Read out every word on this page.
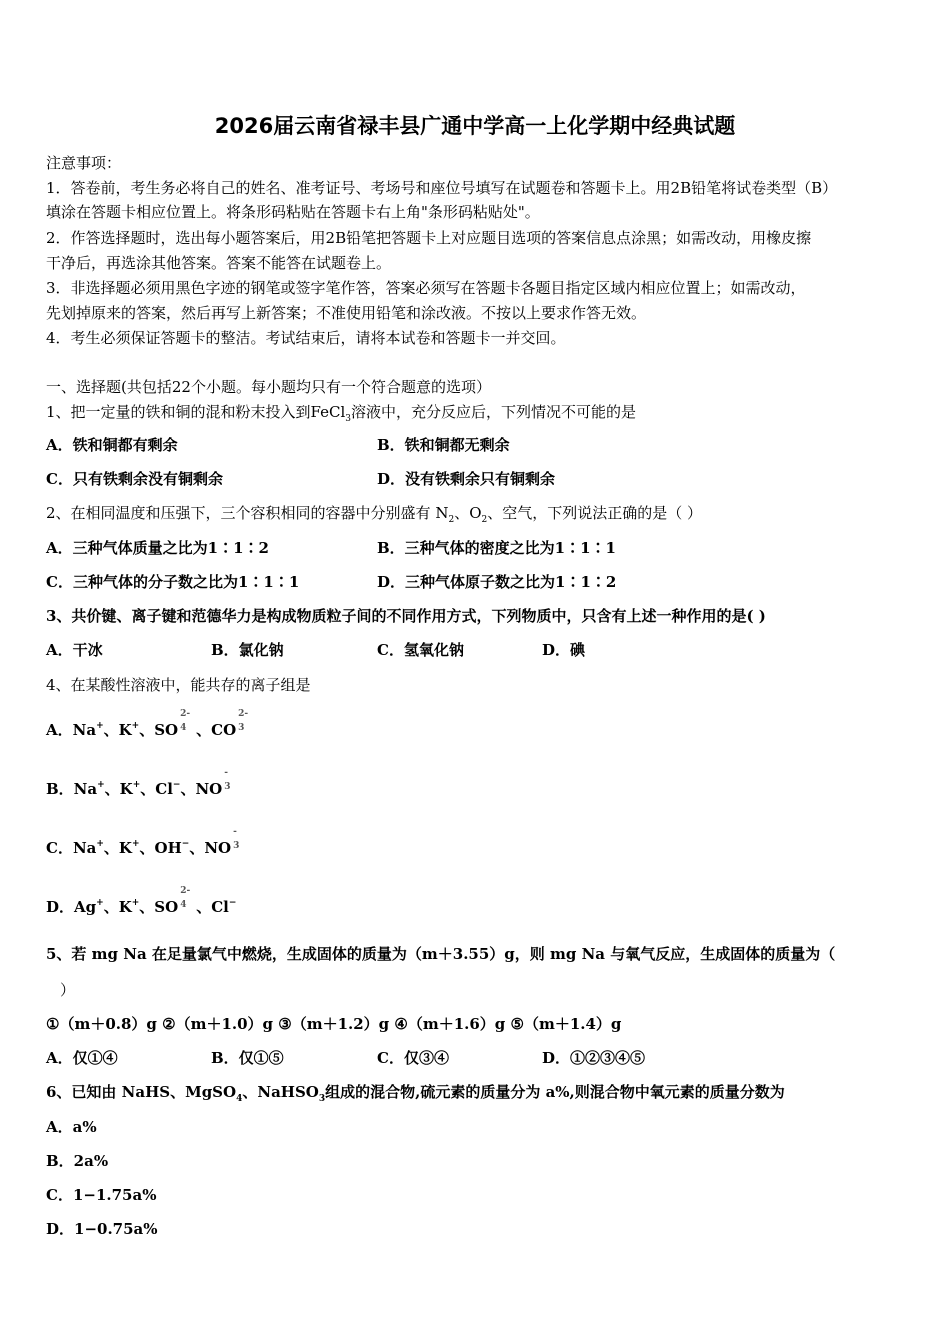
2026届云南省禄丰县广通中学高一上化学期中经典试题
注意事项：
1．答卷前，考生务必将自己的姓名、准考证号、考场号和座位号填写在试题卷和答题卡上。用2B铅笔将试卷类型（B）
填涂在答题卡相应位置上。将条形码粘贴在答题卡右上角"条形码粘贴处"。
2．作答选择题时，选出每小题答案后，用2B铅笔把答题卡上对应题目选项的答案信息点涂黑；如需改动，用橡皮擦
干净后，再选涂其他答案。答案不能答在试题卷上。
3．非选择题必须用黑色字迹的钢笔或签字笔作答，答案必须写在答题卡各题目指定区域内相应位置上；如需改动，
先划掉原来的答案，然后再写上新答案；不准使用铅笔和涂改液。不按以上要求作答无效。
4．考生必须保证答题卡的整洁。考试结束后，请将本试卷和答题卡一并交回。
一、选择题(共包括22个小题。每小题均只有一个符合题意的选项）
1、把一定量的铁和铜的混和粉末投入到FeCl$_3$溶液中，充分反应后，下列情况不可能的是
A．铁和铜都有剩余	B．铁和铜都无剩余
C．只有铁剩余没有铜剩余	D．没有铁剩余只有铜剩余
2、在相同温度和压强下，三个容积相同的容器中分别盛有 $N_2$、$O_2$、空气，下列说法正确的是（ ）
A．三种气体质量之比为1∶1∶2	B．三种气体的密度之比为1∶1∶1
C．三种气体的分子数之比为1∶1∶1	D．三种气体原子数之比为1∶1∶2
3、共价键、离子键和范德华力是构成物质粒子间的不同作用方式，下列物质中，只含有上述一种作用的是( )
A．干冰	B．氯化钠	C．氢氧化钠	D．碘
4、在某酸性溶液中，能共存的离子组是
A．Na+、K+、SO
2-
4 、CO
2-
3
B．Na+、K+、Cl−、NO
-
3
C．Na+、K+、OH−、NO
-
3
D．Ag+、K+、SO
2-
4 、Cl−
5、若 mg Na 在足量氯气中燃烧，生成固体的质量为（m＋3.55）g，则 mg Na 与氧气反应，生成固体的质量为（
）
①（m＋0.8）g ②（m＋1.0）g ③（m＋1.2）g ④（m＋1.6）g ⑤（m＋1.4）g
A．仅①④	B．仅①⑤	C．仅③④	D．①②③④⑤
6、已知由 NaHS、MgSO$_4$、NaHSO$_3$组成的混合物,硫元素的质量分为 a%,则混合物中氧元素的质量分数为
A．a%
B．2a%
C．1−1.75a%
D．1−0.75a%
